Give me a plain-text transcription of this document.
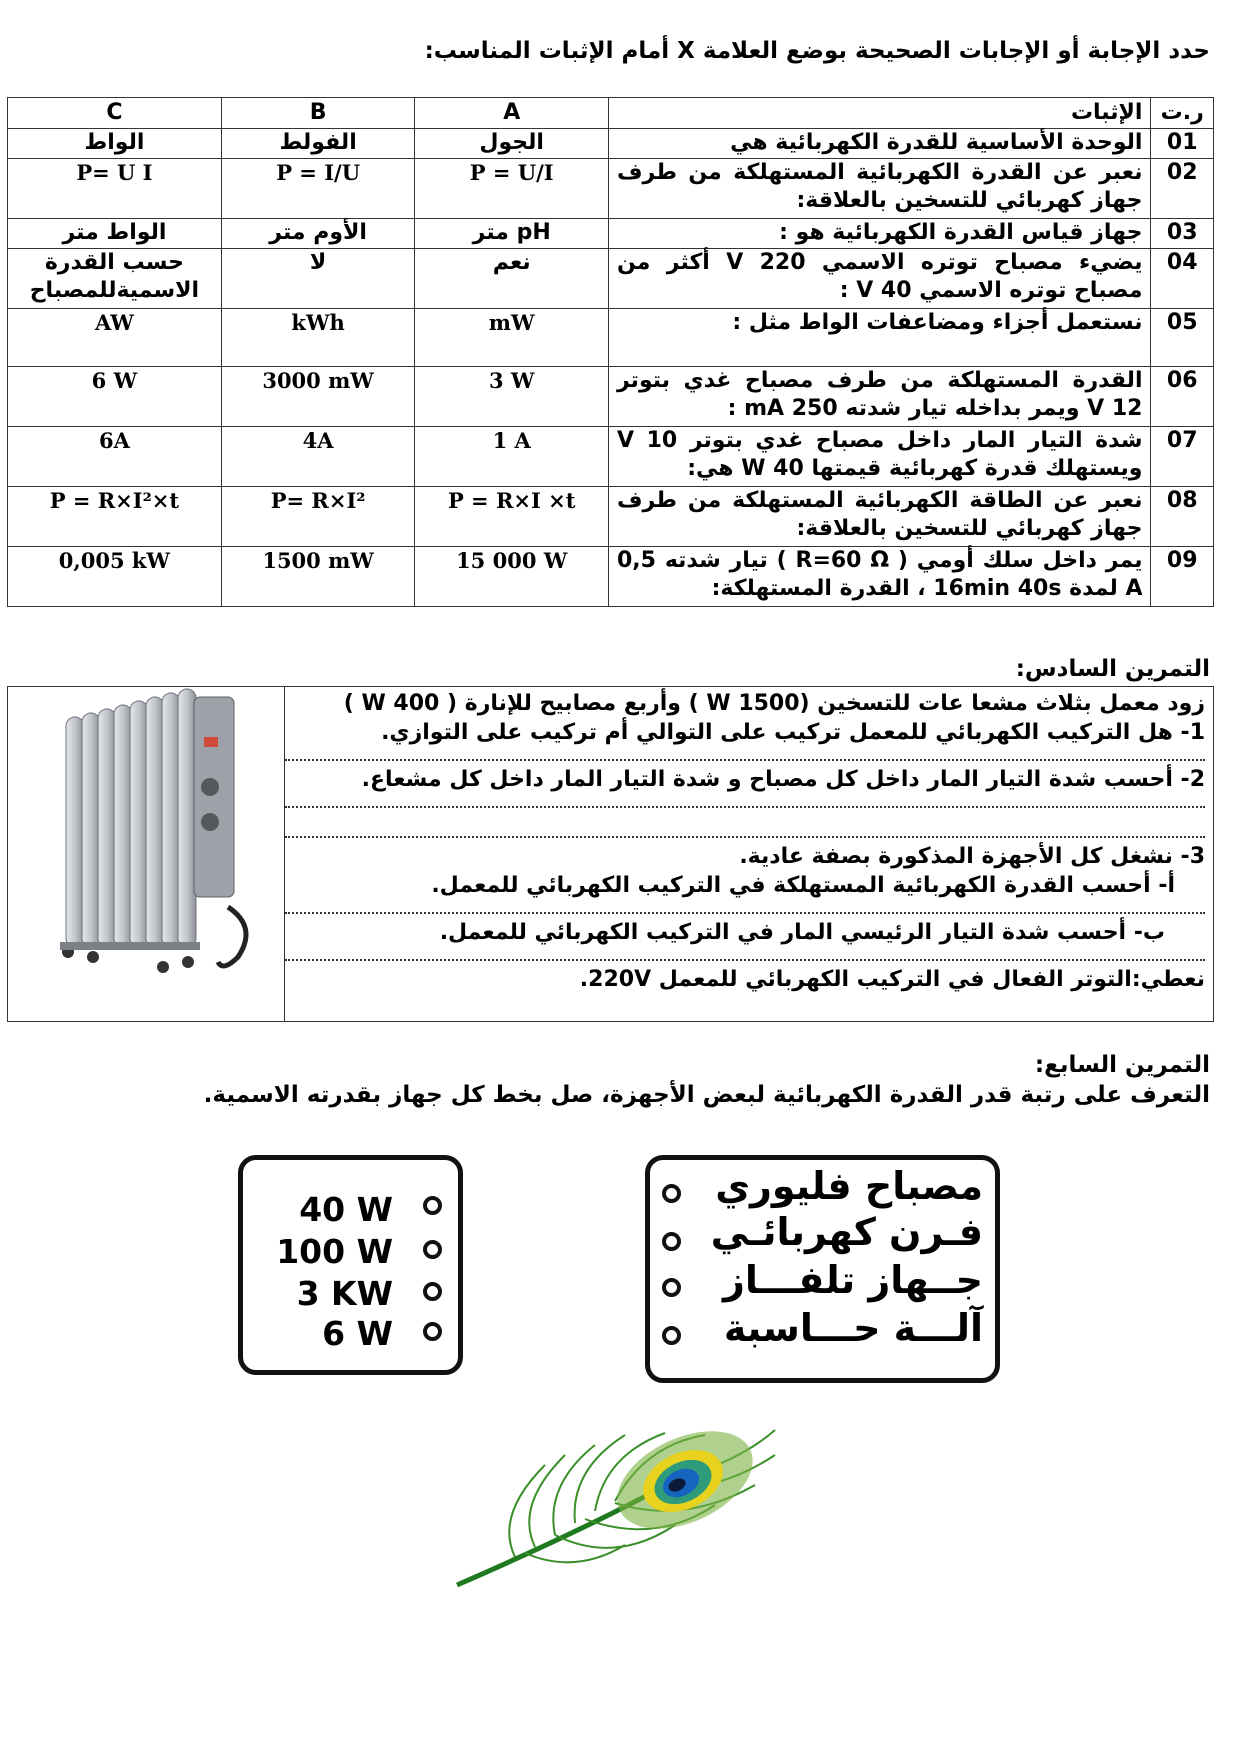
حدد الإجابة أو الإجابات الصحيحة بوضع العلامة X أمام الإثبات المناسب:

ر.ت	الإثبات	A	B	C
01	الوحدة الأساسية للقدرة الكهربائية هي	الجول	الفولط	الواط
02	نعبر عن القدرة الكهربائية المستهلكة من طرف جهاز كهربائي للتسخين بالعلاقة:	P = U/I	P = I/U	P= U I
03	جهاز قياس القدرة الكهربائية هو :	pH متر	الأوم متر	الواط متر
04	يضيء مصباح توتره الاسمي 220 V أكثر من مصباح توتره الاسمي 40 V :	نعم	لا	حسب القدرة الاسميةللمصباح
05	نستعمل أجزاء ومضاعفات الواط مثل :	mW	kWh	AW
06	القدرة المستهلكة من طرف مصباح غدي بتوتر 12 V ويمر بداخله تيار شدته 250 mA :	3 W	3000 mW	6 W
07	شدة التيار المار داخل مصباح غدي بتوتر 10 V ويستهلك قدرة كهربائية قيمتها 40 W هي:	1 A	4A	6A
08	نعبر عن الطاقة الكهربائية المستهلكة من طرف جهاز كهربائي للتسخين بالعلاقة:	P = R×I ×t	P= R×I²	P = R×I²×t
09	يمر داخل سلك أومي ( R=60 Ω ) تيار شدته 0,5 A لمدة 16min 40s ، القدرة المستهلكة:	15 000 W	1500 mW	0,005 kW

التمرين السادس:

زود معمل بثلاث مشعا عات للتسخين (1500 W ) وأربع مصابيح للإنارة ( 400 W )
1- هل التركيب الكهربائي للمعمل تركيب على التوالي أم تركيب على التوازي.
2- أحسب شدة التيار المار داخل كل مصباح و شدة التيار المار داخل كل مشعاع.
3- نشغل كل الأجهزة المذكورة بصفة عادية.
أ- أحسب القدرة الكهربائية المستهلكة في التركيب الكهربائي للمعمل.
ب- أحسب شدة التيار الرئيسي المار في التركيب الكهربائي للمعمل.
نعطي:التوتر الفعال في التركيب الكهربائي للمعمل 220V.

التمرين السابع:

التعرف على رتبة قدر القدرة الكهربائية لبعض الأجهزة، صل بخط كل جهاز بقدرته الاسمية.

40 W
100 W
3 KW
6 W
مصباح فليوري
فـرن كهربائـي
جــهاز تلفـــاز
آلـــة حـــاسبة
